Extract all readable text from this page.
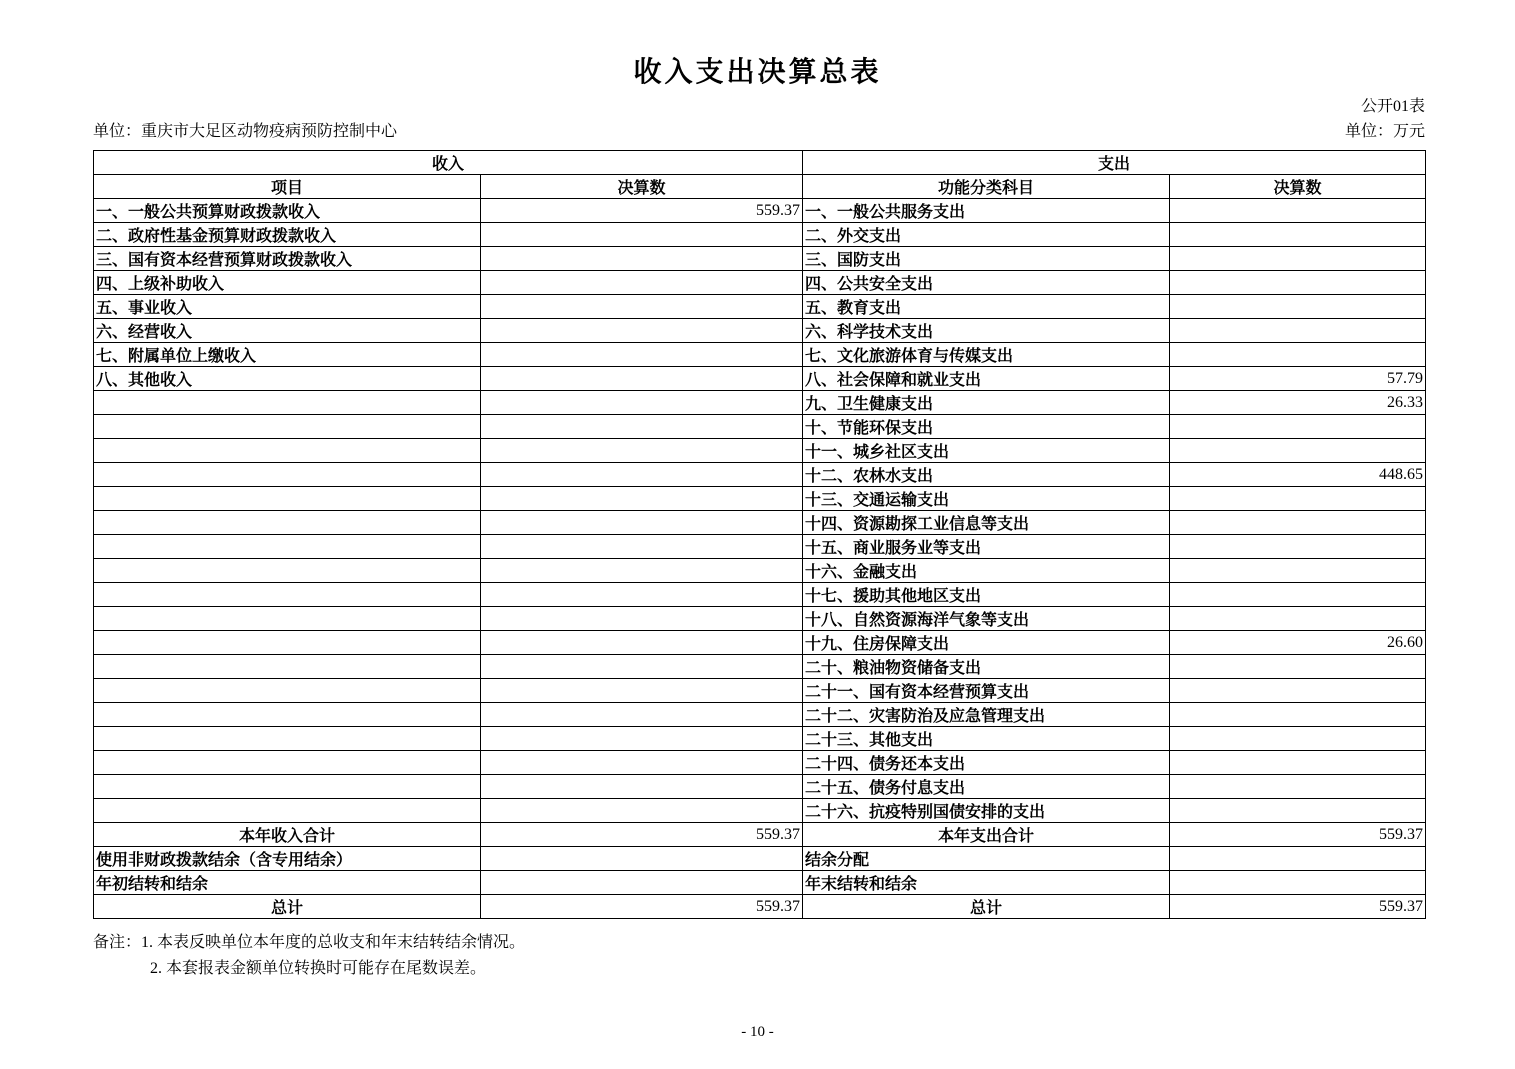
收入支出决算总表
公开01表
单位：重庆市大足区动物疫病预防控制中心	单位：万元
收入		支出	
项目	决算数	功能分类科目	决算数
一、一般公共预算财政拨款收入	559.37	一、一般公共服务支出	
二、政府性基金预算财政拨款收入		二、外交支出	
三、国有资本经营预算财政拨款收入		三、国防支出	
四、上级补助收入		四、公共安全支出	
五、事业收入		五、教育支出	
六、经营收入		六、科学技术支出	
七、附属单位上缴收入		七、文化旅游体育与传媒支出	
八、其他收入		八、社会保障和就业支出	57.79
		九、卫生健康支出	26.33
		十、节能环保支出	
		十一、城乡社区支出	
		十二、农林水支出	448.65
		十三、交通运输支出	
		十四、资源勘探工业信息等支出	
		十五、商业服务业等支出	
		十六、金融支出	
		十七、援助其他地区支出	
		十八、自然资源海洋气象等支出	
		十九、住房保障支出	26.60
		二十、粮油物资储备支出	
		二十一、国有资本经营预算支出	
		二十二、灾害防治及应急管理支出	
		二十三、其他支出	
		二十四、债务还本支出	
		二十五、债务付息支出	
		二十六、抗疫特别国债安排的支出	
本年收入合计	559.37	本年支出合计	559.37
使用非财政拨款结余（含专用结余）		结余分配	
年初结转和结余		年末结转和结余	
总计	559.37	总计	559.37
备注：1. 本表反映单位本年度的总收支和年末结转结余情况。
2. 本套报表金额单位转换时可能存在尾数误差。
- 10 -
